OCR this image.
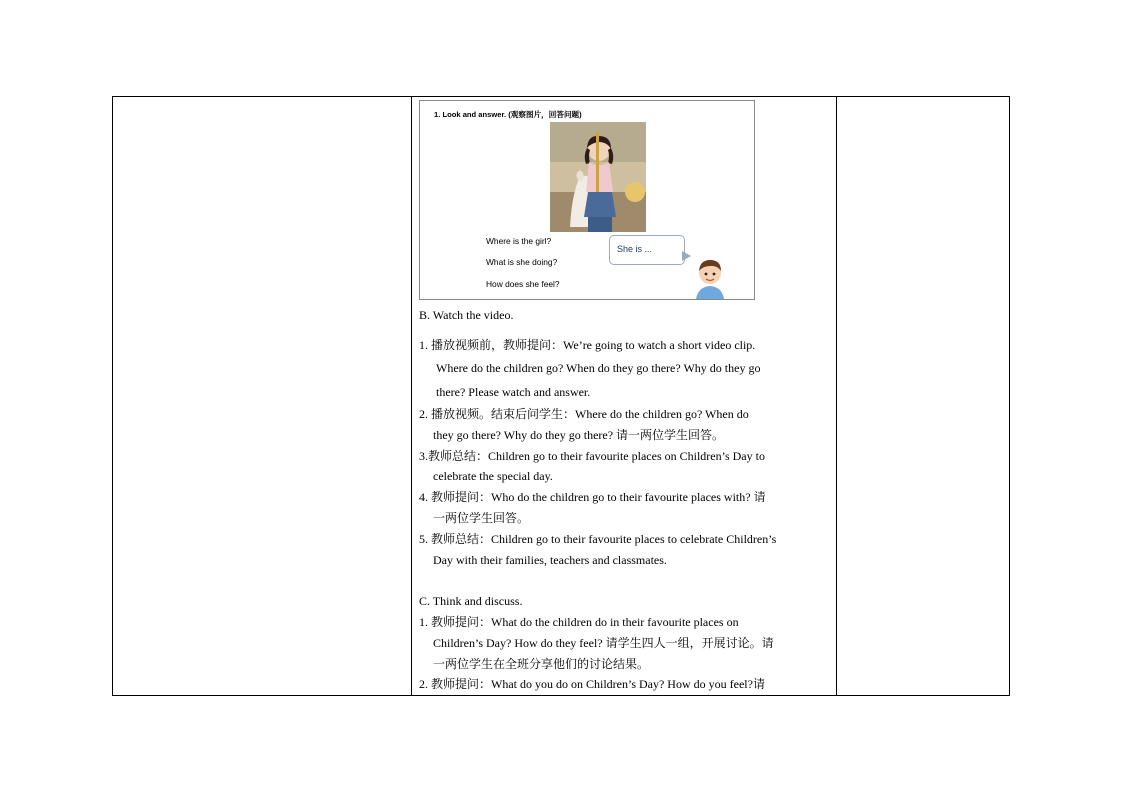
1. Look and answer. (观察图片，回答问题)
Where is the girl?
What is she doing?
How does she feel?
She is ...
B. Watch the video.
1. 播放视频前，教师提问：We’re going to watch a short video clip.
Where do the children go? When do they go there? Why do they go
there? Please watch and answer.
2. 播放视频。结束后问学生：Where do the children go? When do
they go there? Why do they go there? 请一两位学生回答。
3.教师总结：Children go to their favourite places on Children’s Day to
celebrate the special day.
4. 教师提问：Who do the children go to their favourite places with? 请
一两位学生回答。
5. 教师总结：Children go to their favourite places to celebrate Children’s
Day with their families, teachers and classmates.
C. Think and discuss.
1. 教师提问：What do the children do in their favourite places on
Children’s Day? How do they feel? 请学生四人一组，开展讨论。请
一两位学生在全班分享他们的讨论结果。
2. 教师提问：What do you do on Children’s Day? How do you feel?请
